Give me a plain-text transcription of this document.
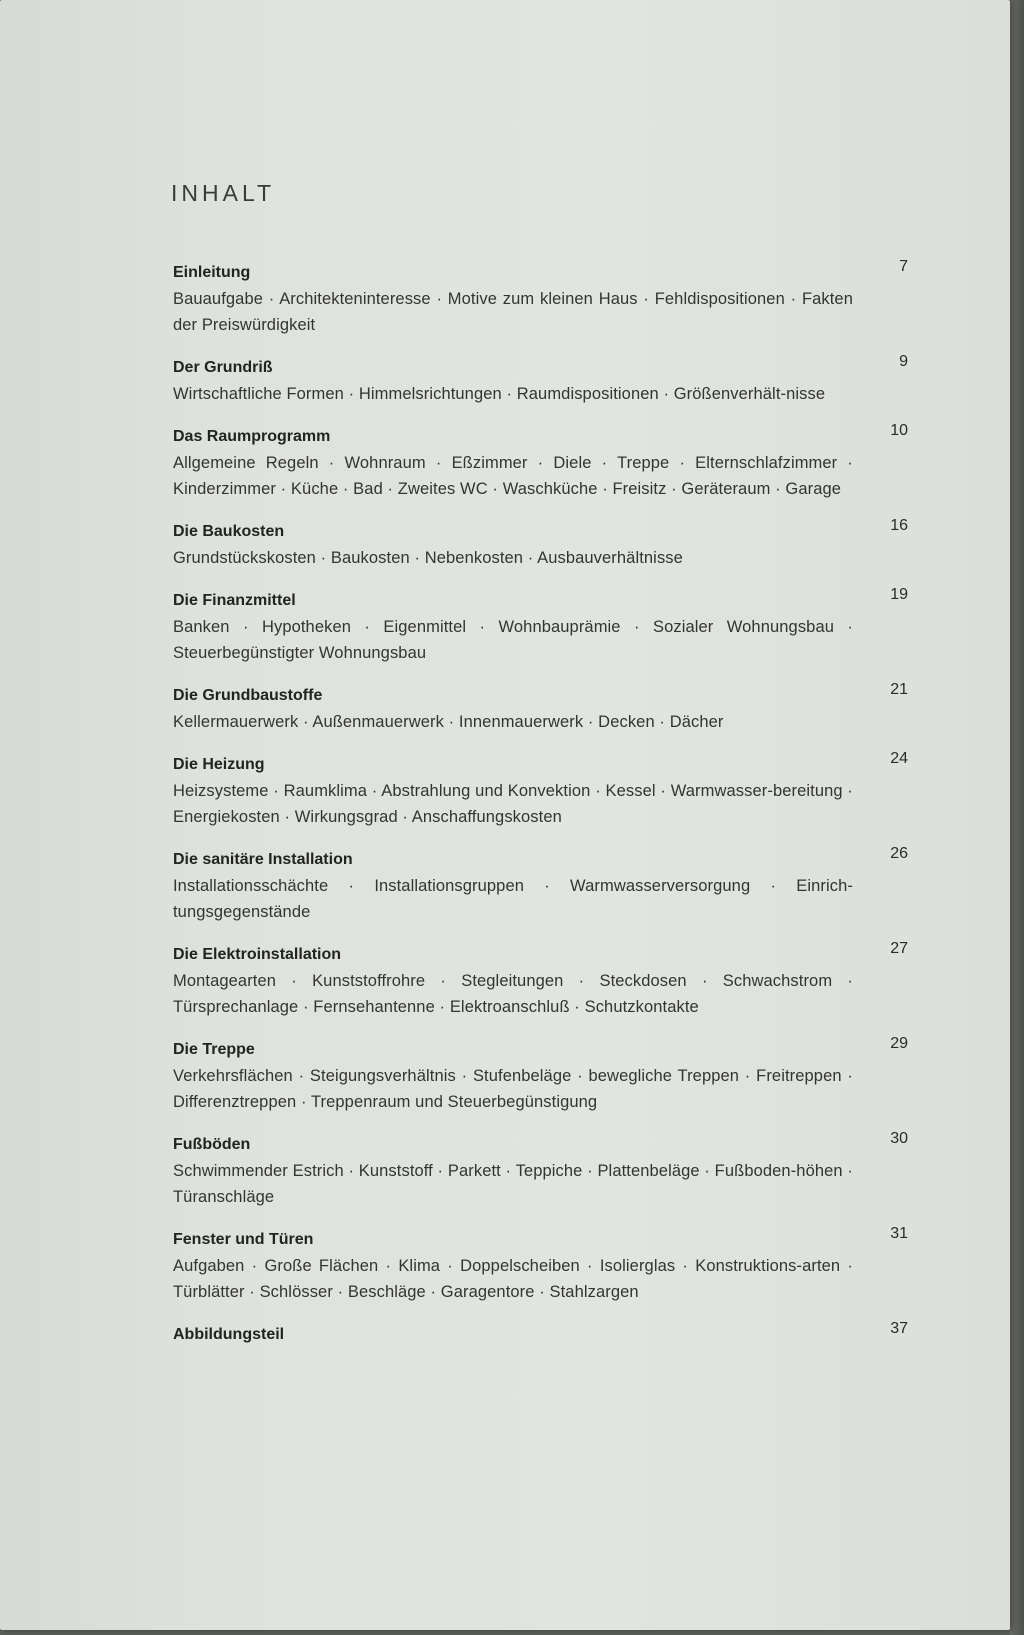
INHALT
Einleitung	7
Bauaufgabe · Architekteninteresse · Motive zum kleinen Haus · Fehldispositionen · Fakten der Preiswürdigkeit
Der Grundriß	9
Wirtschaftliche Formen · Himmelsrichtungen · Raumdispositionen · Größenverhält-nisse
Das Raumprogramm	10
Allgemeine Regeln · Wohnraum · Eßzimmer · Diele · Treppe · Elternschlafzimmer · Kinderzimmer · Küche · Bad · Zweites WC · Waschküche · Freisitz · Geräteraum · Garage
Die Baukosten	16
Grundstückskosten · Baukosten · Nebenkosten · Ausbauverhältnisse
Die Finanzmittel	19
Banken · Hypotheken · Eigenmittel · Wohnbauprämie · Sozialer Wohnungsbau · Steuerbegünstigter Wohnungsbau
Die Grundbaustoffe	21
Kellermauerwerk · Außenmauerwerk · Innenmauerwerk · Decken · Dächer
Die Heizung	24
Heizsysteme · Raumklima · Abstrahlung und Konvektion · Kessel · Warmwasser-bereitung · Energiekosten · Wirkungsgrad · Anschaffungskosten
Die sanitäre Installation	26
Installationsschächte · Installationsgruppen · Warmwasserversorgung · Einrich-tungsgegenstände
Die Elektroinstallation	27
Montagearten · Kunststoffrohre · Stegleitungen · Steckdosen · Schwachstrom · Türsprechanlage · Fernsehantenne · Elektroanschluß · Schutzkontakte
Die Treppe	29
Verkehrsflächen · Steigungsverhältnis · Stufenbeläge · bewegliche Treppen · Freitreppen · Differenztreppen · Treppenraum und Steuerbegünstigung
Fußböden	30
Schwimmender Estrich · Kunststoff · Parkett · Teppiche · Plattenbeläge · Fußboden-höhen · Türanschläge
Fenster und Türen	31
Aufgaben · Große Flächen · Klima · Doppelscheiben · Isolierglas · Konstruktions-arten · Türblätter · Schlösser · Beschläge · Garagentore · Stahlzargen
Abbildungsteil	37
